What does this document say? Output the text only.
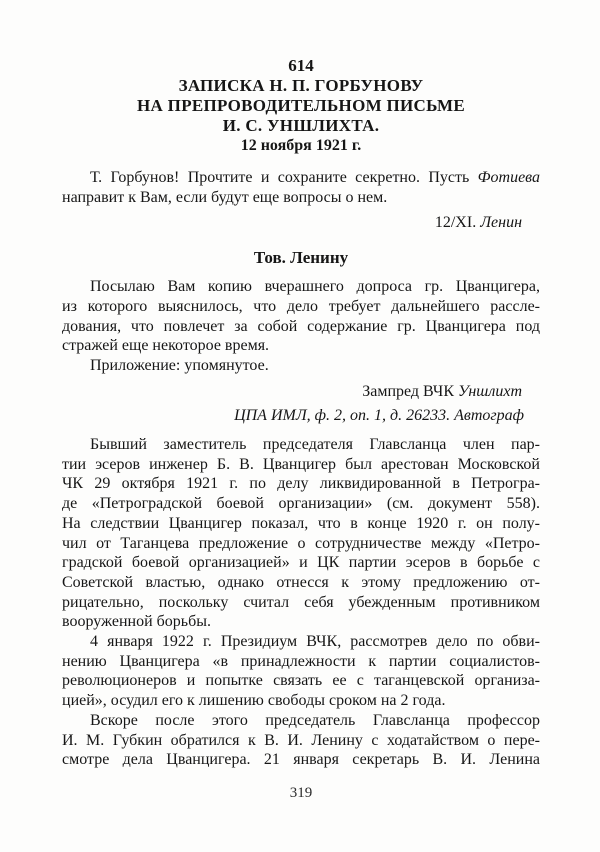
614
ЗАПИСКА Н. П. ГОРБУНОВУ
НА ПРЕПРОВОДИТЕЛЬНОМ ПИСЬМЕ
И. С. УНШЛИХТА.
12 ноября 1921 г.
Т. Горбунов! Прочтите и сохраните секретно. Пусть Фотиева
направит к Вам, если будут еще вопросы о нем.
12/XI. Ленин
Тов. Ленину
Посылаю Вам копию вчерашнего допроса гр. Цванцигера,
из которого выяснилось, что дело требует дальнейшего рассле-
дования, что повлечет за собой содержание гр. Цванцигера под
стражей еще некоторое время.
Приложение: упомянутое.
Зампред ВЧК Уншлихт
ЦПА ИМЛ, ф. 2, оп. 1, д. 26233. Автограф
Бывший заместитель председателя Главсланца член пар-
тии эсеров инженер Б. В. Цванцигер был арестован Московской
ЧК 29 октября 1921 г. по делу ликвидированной в Петрогра-
де «Петроградской боевой организации» (см. документ 558).
На следствии Цванцигер показал, что в конце 1920 г. он полу-
чил от Таганцева предложение о сотрудничестве между «Петро-
градской боевой организацией» и ЦК партии эсеров в борьбе с
Советской властью, однако отнесся к этому предложению от-
рицательно, поскольку считал себя убежденным противником
вооруженной борьбы.
4 января 1922 г. Президиум ВЧК, рассмотрев дело по обви-
нению Цванцигера «в принадлежности к партии социалистов-
революционеров и попытке связать ее с таганцевской организа-
цией», осудил его к лишению свободы сроком на 2 года.
Вскоре после этого председатель Главсланца профессор
И. М. Губкин обратился к В. И. Ленину с ходатайством о пере-
смотре дела Цванцигера. 21 января секретарь В. И. Ленина
319
